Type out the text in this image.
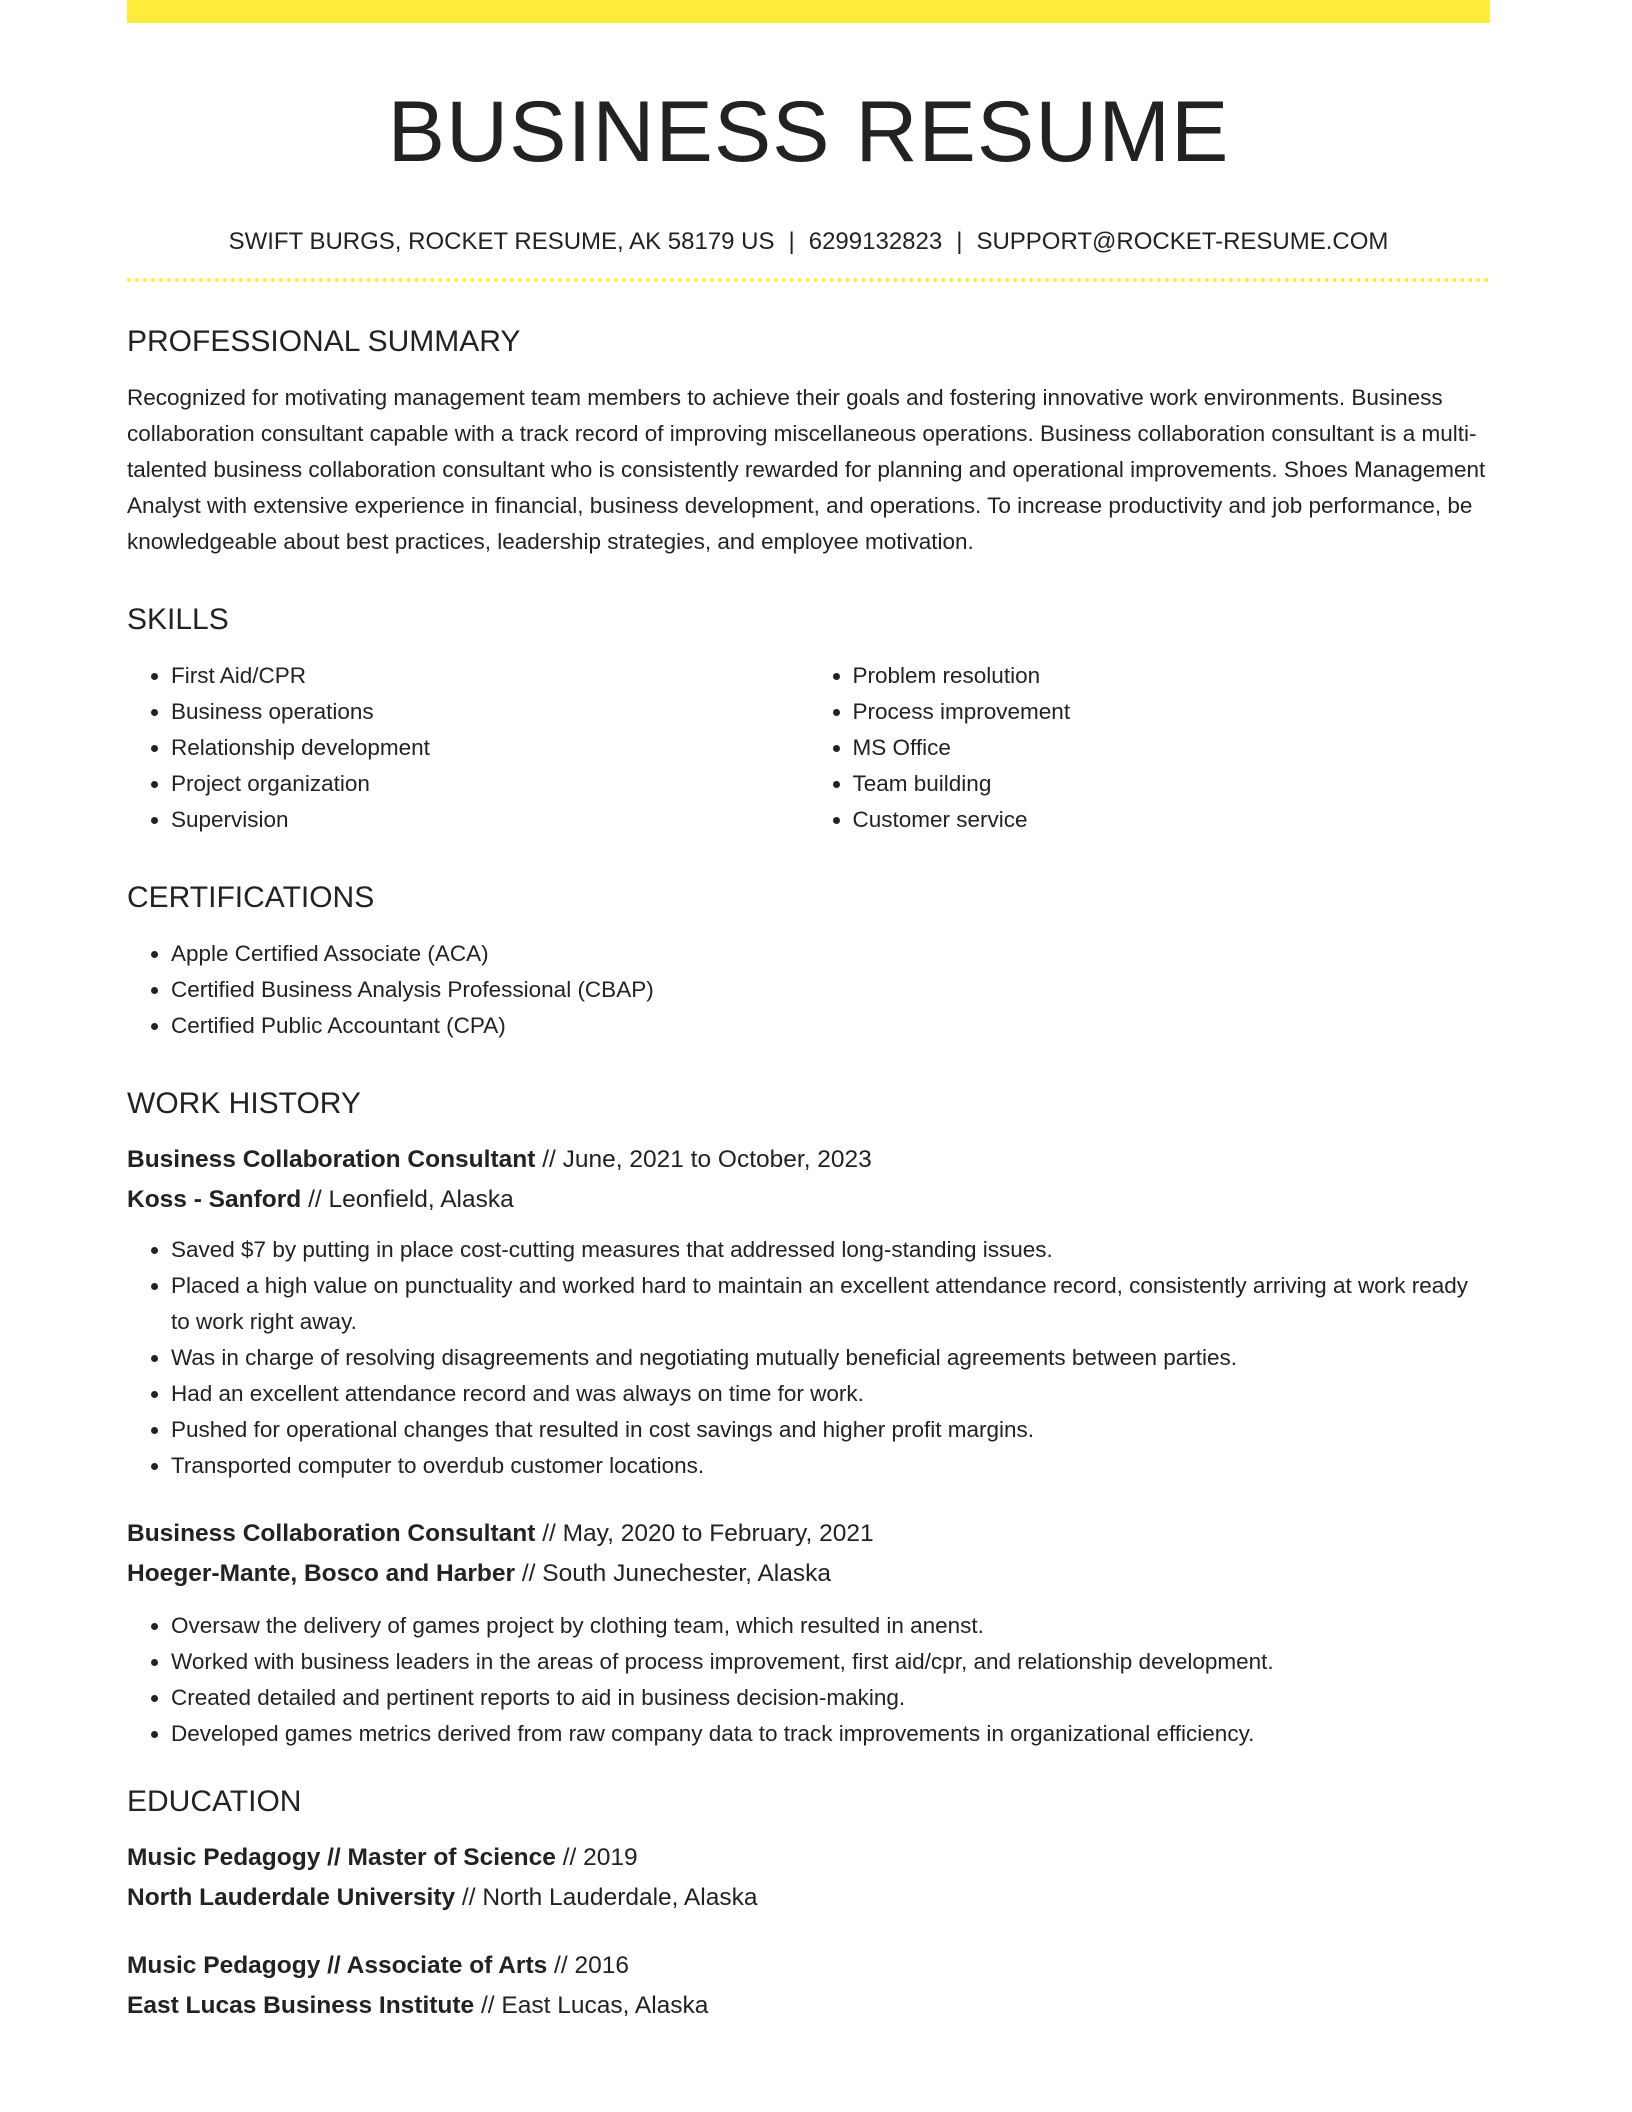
BUSINESS RESUME
SWIFT BURGS, ROCKET RESUME, AK 58179 US | 6299132823 | SUPPORT@ROCKET-RESUME.COM
PROFESSIONAL SUMMARY

Recognized for motivating management team members to achieve their goals and fostering innovative work environments. Business collaboration consultant capable with a track record of improving miscellaneous operations. Business collaboration consultant is a multi-talented business collaboration consultant who is consistently rewarded for planning and operational improvements. Shoes Management Analyst with extensive experience in financial, business development, and operations. To increase productivity and job performance, be knowledgeable about best practices, leadership strategies, and employee motivation.

SKILLS
• First Aid/CPR
• Business operations
• Relationship development
• Project organization
• Supervision
• Problem resolution
• Process improvement
• MS Office
• Team building
• Customer service
CERTIFICATIONS
• Apple Certified Associate (ACA)
• Certified Business Analysis Professional (CBAP)
• Certified Public Accountant (CPA)
WORK HISTORY
Business Collaboration Consultant // June, 2021 to October, 2023
Koss - Sanford // Leonfield, Alaska
• Saved $7 by putting in place cost-cutting measures that addressed long-standing issues.
• Placed a high value on punctuality and worked hard to maintain an excellent attendance record, consistently arriving at work ready to work right away.
• Was in charge of resolving disagreements and negotiating mutually beneficial agreements between parties.
• Had an excellent attendance record and was always on time for work.
• Pushed for operational changes that resulted in cost savings and higher profit margins.
• Transported computer to overdub customer locations.
Business Collaboration Consultant // May, 2020 to February, 2021
Hoeger-Mante, Bosco and Harber // South Junechester, Alaska
• Oversaw the delivery of games project by clothing team, which resulted in anenst.
• Worked with business leaders in the areas of process improvement, first aid/cpr, and relationship development.
• Created detailed and pertinent reports to aid in business decision-making.
• Developed games metrics derived from raw company data to track improvements in organizational efficiency.
EDUCATION
Music Pedagogy // Master of Science // 2019
North Lauderdale University // North Lauderdale, Alaska
Music Pedagogy // Associate of Arts // 2016
East Lucas Business Institute // East Lucas, Alaska
